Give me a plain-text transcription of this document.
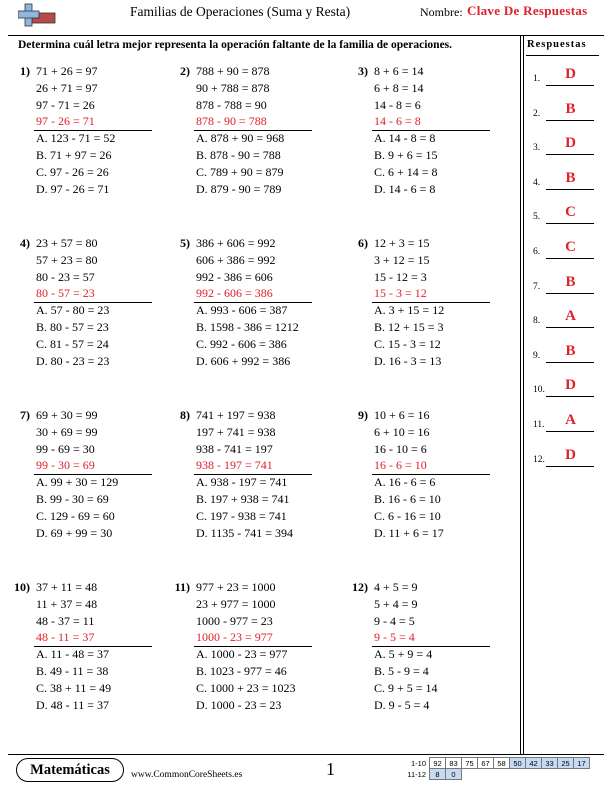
Familias de Operaciones (Suma y Resta)	Nombre: Clave De Respuestas
Determina cuál letra mejor representa la operación faltante de la familia de operaciones.	Respuestas
1.	D
2.	B
3.	D
4.	B
5.	C
6.	C
7.	B
8.	A
9.	B
10.	D
11.	A
12.	D
1) 71 + 26 = 97
26 + 71 = 97
97 - 71 = 26
97 - 26 = 71
A. 123 - 71 = 52
B. 71 + 97 = 26
C. 97 - 26 = 26
D. 97 - 26 = 71
2) 788 + 90 = 878
90 + 788 = 878
878 - 788 = 90
878 - 90 = 788
A. 878 + 90 = 968
B. 878 - 90 = 788
C. 789 + 90 = 879
D. 879 - 90 = 789
3) 8 + 6 = 14
6 + 8 = 14
14 - 8 = 6
14 - 6 = 8
A. 14 - 8 = 8
B. 9 + 6 = 15
C. 6 + 14 = 8
D. 14 - 6 = 8
4) 23 + 57 = 80
57 + 23 = 80
80 - 23 = 57
80 - 57 = 23
A. 57 - 80 = 23
B. 80 - 57 = 23
C. 81 - 57 = 24
D. 80 - 23 = 23
5) 386 + 606 = 992
606 + 386 = 992
992 - 386 = 606
992 - 606 = 386
A. 993 - 606 = 387
B. 1598 - 386 = 1212
C. 992 - 606 = 386
D. 606 + 992 = 386
6) 12 + 3 = 15
3 + 12 = 15
15 - 12 = 3
15 - 3 = 12
A. 3 + 15 = 12
B. 12 + 15 = 3
C. 15 - 3 = 12
D. 16 - 3 = 13
7) 69 + 30 = 99
30 + 69 = 99
99 - 69 = 30
99 - 30 = 69
A. 99 + 30 = 129
B. 99 - 30 = 69
C. 129 - 69 = 60
D. 69 + 99 = 30
8) 741 + 197 = 938
197 + 741 = 938
938 - 741 = 197
938 - 197 = 741
A. 938 - 197 = 741
B. 197 + 938 = 741
C. 197 - 938 = 741
D. 1135 - 741 = 394
9) 10 + 6 = 16
6 + 10 = 16
16 - 10 = 6
16 - 6 = 10
A. 16 - 6 = 6
B. 16 - 6 = 10
C. 6 - 16 = 10
D. 11 + 6 = 17
10) 37 + 11 = 48
11 + 37 = 48
48 - 37 = 11
48 - 11 = 37
A. 11 - 48 = 37
B. 49 - 11 = 38
C. 38 + 11 = 49
D. 48 - 11 = 37
11) 977 + 23 = 1000
23 + 977 = 1000
1000 - 977 = 23
1000 - 23 = 977
A. 1000 - 23 = 977
B. 1023 - 977 = 46
C. 1000 + 23 = 1023
D. 1000 - 23 = 23
12) 4 + 5 = 9
5 + 4 = 9
9 - 4 = 5
9 - 5 = 4
A. 5 + 9 = 4
B. 5 - 9 = 4
C. 9 + 5 = 14
D. 9 - 5 = 4
Matemáticas	www.CommonCoreSheets.es	1	1-10	92	83	75	67	58	50	42	33	25	17
11-12	8	0								
